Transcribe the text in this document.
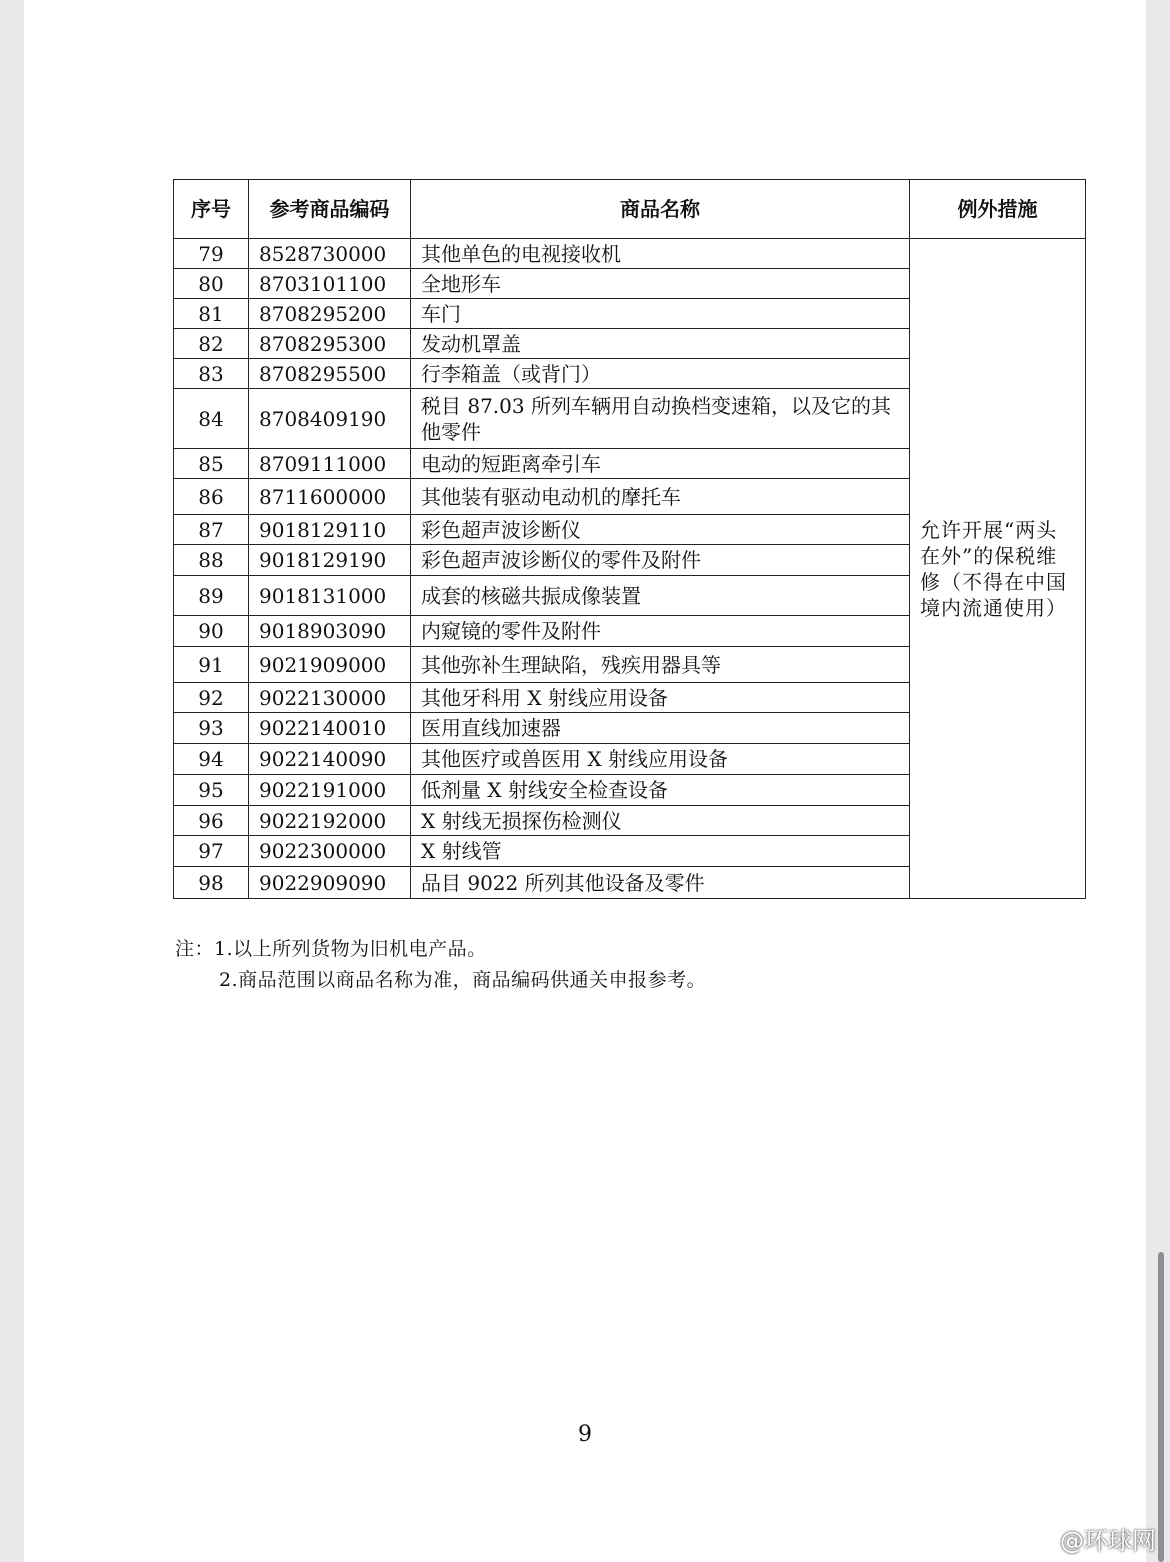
序号	参考商品编码	商品名称	例外措施
79	8528730000	其他单色的电视接收机	允许开展“两头在外”的保税维修（不得在中国境内流通使用）
80	8703101100	全地形车	
81	8708295200	车门	
82	8708295300	发动机罩盖	
83	8708295500	行李箱盖（或背门）	
84	8708409190	税目 87.03 所列车辆用自动换档变速箱，以及它的其他零件	
85	8709111000	电动的短距离牵引车	
86	8711600000	其他装有驱动电动机的摩托车	
87	9018129110	彩色超声波诊断仪	
88	9018129190	彩色超声波诊断仪的零件及附件	
89	9018131000	成套的核磁共振成像装置	
90	9018903090	内窥镜的零件及附件	
91	9021909000	其他弥补生理缺陷，残疾用器具等	
92	9022130000	其他牙科用 X 射线应用设备	
93	9022140010	医用直线加速器	
94	9022140090	其他医疗或兽医用 X 射线应用设备	
95	9022191000	低剂量 X 射线安全检查设备	
96	9022192000	X 射线无损探伤检测仪	
97	9022300000	X 射线管	
98	9022909090	品目 9022 所列其他设备及零件	
注：1.以上所列货物为旧机电产品。
2.商品范围以商品名称为准，商品编码供通关申报参考。
9
@环球网
